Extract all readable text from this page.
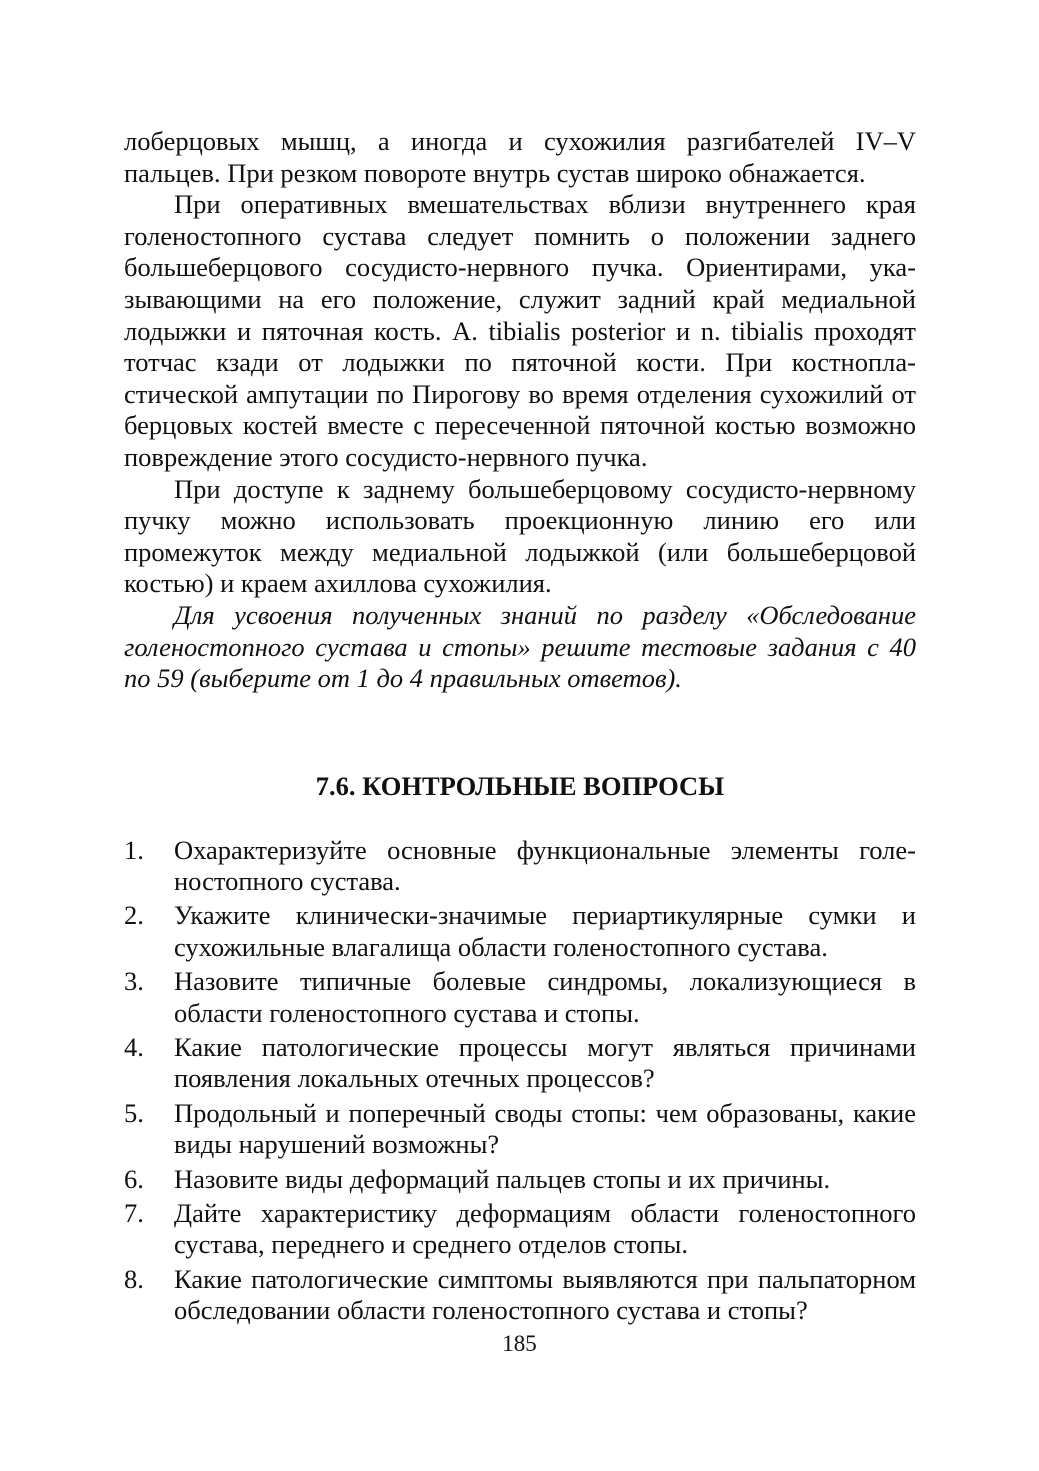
лоберцовых мышц, а иногда и сухожилия разгибателей IV–V пальцев. При резком повороте внутрь сустав широко обнажается.

При оперативных вмешательствах вблизи внутреннего края голеностопного сустава следует помнить о положении заднего большеберцового сосудисто-нервного пучка. Ориентирами, указывающими на его положение, служит задний край медиальной лодыжки и пяточная кость. A. tibialis posterior и n. tibialis проходят тотчас кзади от лодыжки по пяточной кости. При костнопластической ампутации по Пирогову во время отделения сухожилий от берцовых костей вместе с пересеченной пяточной костью возможно повреждение этого сосудисто-нервного пучка.

При доступе к заднему большеберцовому сосудисто-нервному пучку можно использовать проекционную линию его или промежуток между медиальной лодыжкой (или большеберцовой костью) и краем ахиллова сухожилия.

Для усвоения полученных знаний по разделу «Обследование голеностопного сустава и стопы» решите тестовые задания с 40 по 59 (выберите от 1 до 4 правильных ответов).

7.6. КОНТРОЛЬНЫЕ ВОПРОСЫ
1. Охарактеризуйте основные функциональные элементы голеностопного сустава.
2. Укажите клинически-значимые периартикулярные сумки и сухожильные влагалища области голеностопного сустава.
3. Назовите типичные болевые синдромы, локализующиеся в области голеностопного сустава и стопы.
4. Какие патологические процессы могут являться причинами появления локальных отечных процессов?
5. Продольный и поперечный своды стопы: чем образованы, какие виды нарушений возможны?
6. Назовите виды деформаций пальцев стопы и их причины.
7. Дайте характеристику деформациям области голеностопного сустава, переднего и среднего отделов стопы.
8. Какие патологические симптомы выявляются при пальпаторном обследовании области голеностопного сустава и стопы?
185
